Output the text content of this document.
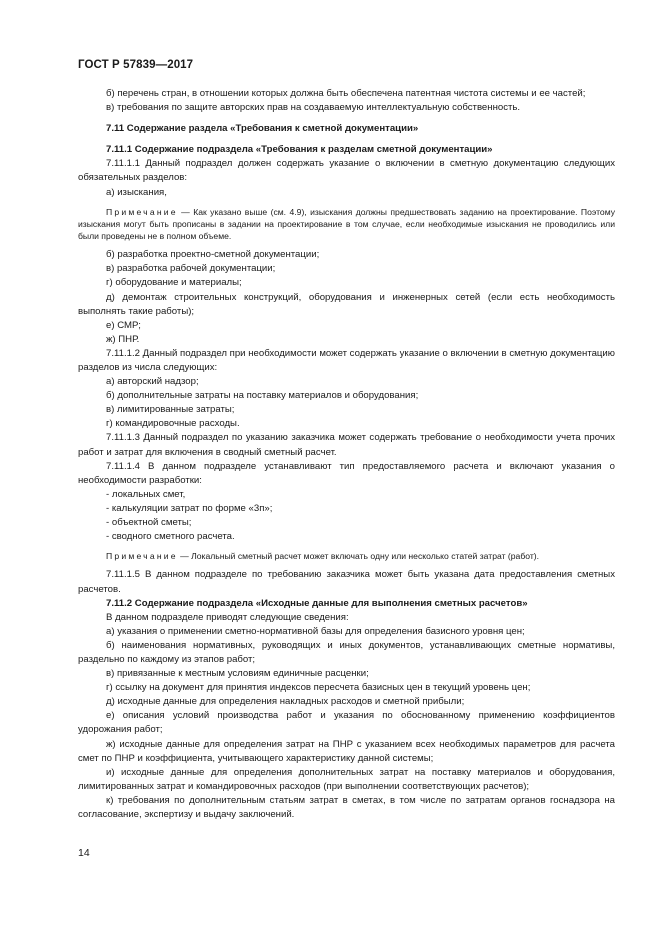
ГОСТ Р 57839—2017

б) перечень стран, в отношении которых должна быть обеспечена патентная чистота системы и ее частей;

в) требования по защите авторских прав на создаваемую интеллектуальную собственность.

7.11 Содержание раздела «Требования к сметной документации»

7.11.1 Содержание подраздела «Требования к разделам сметной документации»

7.11.1.1 Данный подраздел должен содержать указание о включении в сметную документацию следующих обязательных разделов:

а) изыскания,

Примечание — Как указано выше (см. 4.9), изыскания должны предшествовать заданию на проектирование. Поэтому изыскания могут быть прописаны в задании на проектирование в том случае, если необходимые изыскания не проводились или были проведены не в полном объеме.

б) разработка проектно-сметной документации;

в) разработка рабочей документации;

г) оборудование и материалы;

д) демонтаж строительных конструкций, оборудования и инженерных сетей (если есть необходимость выполнять такие работы);

е) СМР;

ж) ПНР.

7.11.1.2 Данный подраздел при необходимости может содержать указание о включении в сметную документацию разделов из числа следующих:

а) авторский надзор;

б) дополнительные затраты на поставку материалов и оборудования;

в) лимитированные затраты;

г) командировочные расходы.

7.11.1.3 Данный подраздел по указанию заказчика может содержать требование о необходимости учета прочих работ и затрат для включения в сводный сметный расчет.

7.11.1.4 В данном подразделе устанавливают тип предоставляемого расчета и включают указания о необходимости разработки:

- локальных смет,

- калькуляции затрат по форме «3п»;

- объектной сметы;

- сводного сметного расчета.

Примечание — Локальный сметный расчет может включать одну или несколько статей затрат (работ).

7.11.1.5 В данном подразделе по требованию заказчика может быть указана дата предоставления сметных расчетов.

7.11.2 Содержание подраздела «Исходные данные для выполнения сметных расчетов»

В данном подразделе приводят следующие сведения:

а) указания о применении сметно-нормативной базы для определения базисного уровня цен;

б) наименования нормативных, руководящих и иных документов, устанавливающих сметные нормативы, раздельно по каждому из этапов работ;

в) привязанные к местным условиям единичные расценки;

г) ссылку на документ для принятия индексов пересчета базисных цен в текущий уровень цен;

д) исходные данные для определения накладных расходов и сметной прибыли;

е) описания условий производства работ и указания по обоснованному применению коэффициентов удорожания работ;

ж) исходные данные для определения затрат на ПНР с указанием всех необходимых параметров для расчета смет по ПНР и коэффициента, учитывающего характеристику данной системы;

и) исходные данные для определения дополнительных затрат на поставку материалов и оборудования, лимитированных затрат и командировочных расходов (при выполнении соответствующих расчетов);

к) требования по дополнительным статьям затрат в сметах, в том числе по затратам органов госнадзора на согласование, экспертизу и выдачу заключений.

14
